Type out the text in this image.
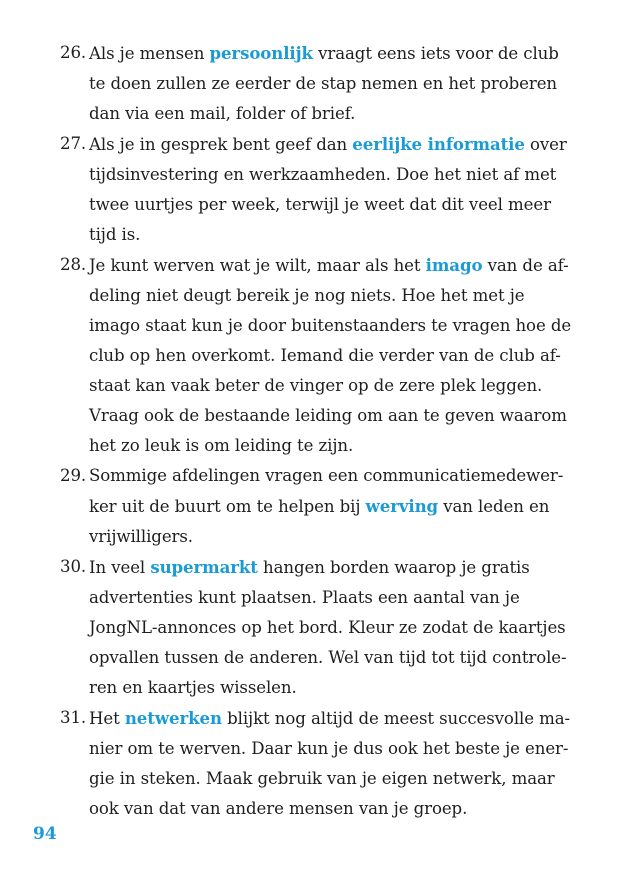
26. Als je mensen persoonlijk vraagt eens iets voor de club
te doen zullen ze eerder de stap nemen en het proberen
dan via een mail, folder of brief.
27. Als je in gesprek bent geef dan eerlijke informatie over
tijdsinvestering en werkzaamheden. Doe het niet af met
twee uurtjes per week, terwijl je weet dat dit veel meer
tijd is.
28. Je kunt werven wat je wilt, maar als het imago van de af-
deling niet deugt bereik je nog niets. Hoe het met je
imago staat kun je door buitenstaanders te vragen hoe de
club op hen overkomt. Iemand die verder van de club af-
staat kan vaak beter de vinger op de zere plek leggen.
Vraag ook de bestaande leiding om aan te geven waarom
het zo leuk is om leiding te zijn.
29. Sommige afdelingen vragen een communicatiemedewer-
ker uit de buurt om te helpen bij werving van leden en
vrijwilligers.
30. In veel supermarkt hangen borden waarop je gratis
advertenties kunt plaatsen. Plaats een aantal van je
JongNL-annonces op het bord. Kleur ze zodat de kaartjes
opvallen tussen de anderen. Wel van tijd tot tijd controle-
ren en kaartjes wisselen.
31. Het netwerken blijkt nog altijd de meest succesvolle ma-
nier om te werven. Daar kun je dus ook het beste je ener-
gie in steken. Maak gebruik van je eigen netwerk, maar
ook van dat van andere mensen van je groep.
94
